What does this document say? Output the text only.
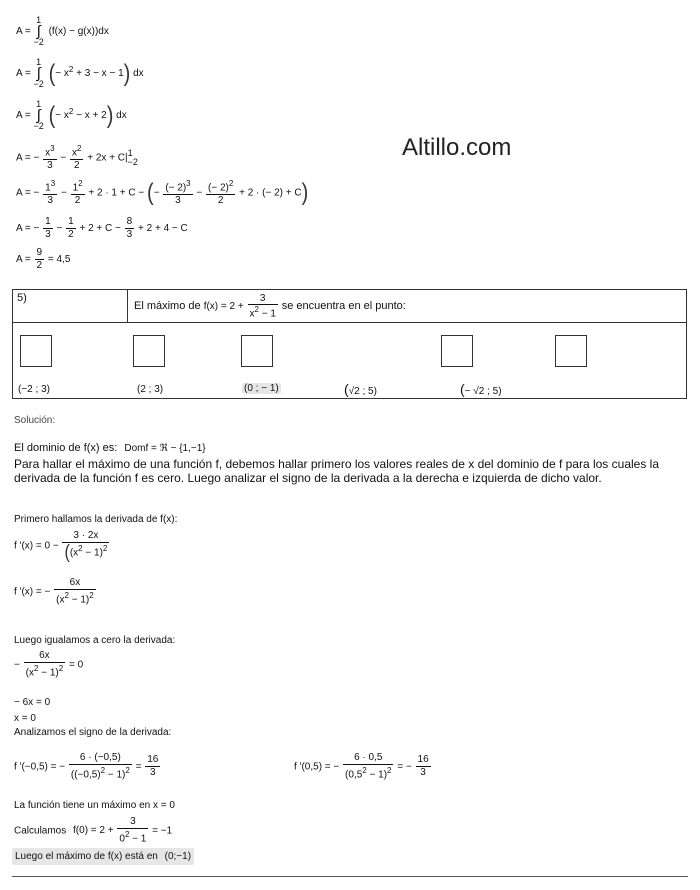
A =
1
∫
−2
(f(x) − g(x))dx
A =
1
∫
−2 (− $x^2 + 3 - x - 1$) dx
A =
1
∫
−2 (− $x^2 - x + 2$) dx
A = − $\frac{x^3}{3} - \frac{x^2}{2} + 2x + C|$ 1
−2
A = − $\frac{1^3}{3} - \frac{1^2}{2} + 2 \cdot 1 + C$ − (− $\frac{(- 2)^3}{3} - \frac{(- 2)^2}{2} + 2$ · (− 2) + C)
A = − $\frac{1}{3} - \frac{1}{2} + 2 + C - \frac{8}{3} + 2 + 4 - C$
$A = \frac{9}{2} = 4,5$
Altillo.com
5)	El máximo de $f(x) = 2 + \frac{3}{x^2 - 1}$ se encuentra en el punto:

(−2 ; 3)	(2 ; 3)	(0 ; − 1)	(√2 ; 5)	(− √2 ; 5)
Solución:
El dominio de f(x) es: Domf = ℜ − {1,−1}
Para hallar el máximo de una función f, debemos hallar primero los valores reales de x del dominio de f para los cuales la derivada de la función f es cero. Luego analizar el signo de la derivada a la derecha e izquierda de dicho valor.
Primero hallamos la derivada de f(x):
f '$(x) = 0 - \frac{3 \cdot 2x}{((x^2 - 1)^2}$
f '(x) = − $\frac{6x}{(x^2 - 1)^2}$
Luego igualamos a cero la derivada:
− $\frac{6x}{(x^2 - 1)^2} = 0$
− 6x = 0
x = 0
Analizamos el signo de la derivada:
f '(−0,5) = − $\frac{6 \cdot (-0,5)}{((-0,5)^2 - 1)^2} = \frac{16}{3}$	f '(0,5) = − $\frac{6 \cdot 0,5}{(0,5^2 - 1)^2}$ = − $\frac{16}{3}$
La función tiene un máximo en x = 0
Calculamos $f(0) = 2 + \frac{3}{0^2 - 1} = -1$
Luego el máximo de f(x) está en (0;−1)
